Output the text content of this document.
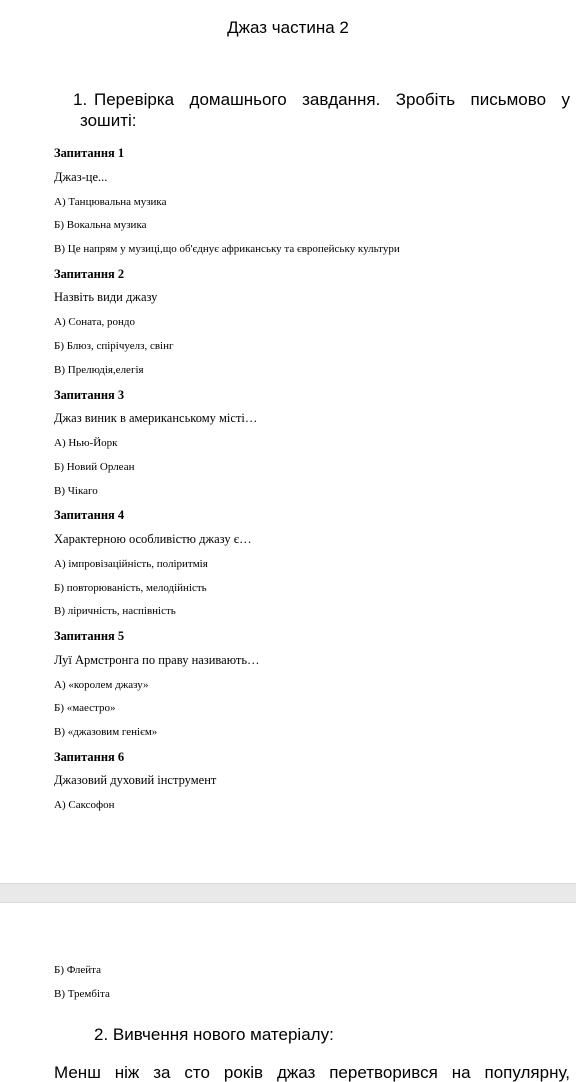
Джаз частина 2
1. Перевірка домашнього завдання. Зробіть письмово у
зошиті:
Запитання 1
Джаз-це...
А) Танцювальна музика
Б) Вокальна музика
В) Це напрям у музиці,що об'єднує африканську та європейську культури
Запитання 2
Назвіть види джазу
А) Соната, рондо
Б) Блюз, спірічуелз, свінг
В) Прелюдія,елегія
Запитання 3
Джаз виник в американському місті…
А) Нью-Йорк
Б) Новий Орлеан
В) Чікаго
Запитання 4
Характерною особливістю джазу є…
А) імпровізаційність, поліритмія
Б) повторюваність, мелодійність
В) ліричність, наспівність
Запитання 5
Луї Армстронга по праву називають…
А) «королем джазу»
Б) «маестро»
В) «джазовим генієм»
Запитання 6
Джазовий духовий інструмент
А) Саксофон
Б) Флейта
В) Трембіта
2. Вивчення нового матеріалу:
Менш ніж за сто років джаз перетворився на популярну,
